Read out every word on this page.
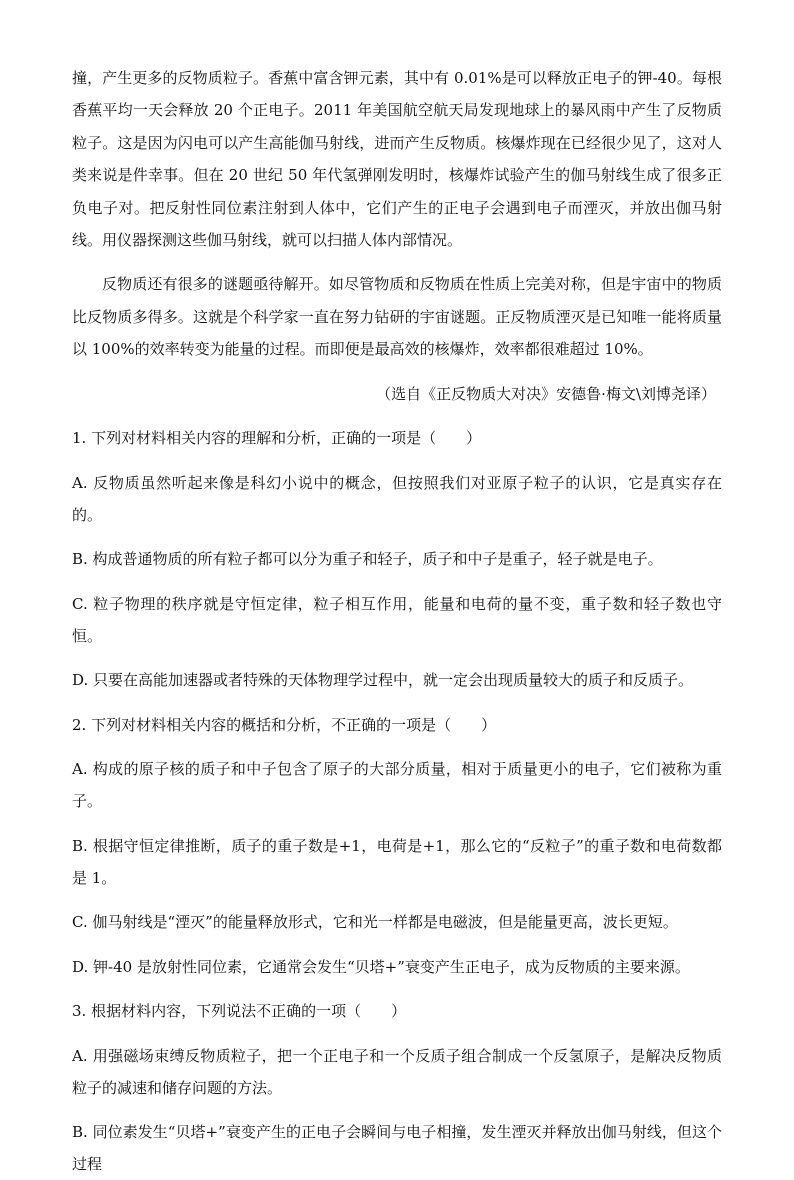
撞，产生更多的反物质粒子。香蕉中富含钾元素，其中有 0.01%是可以释放正电子的钾-40。每根香蕉平均一天会释放 20 个正电子。2011 年美国航空航天局发现地球上的暴风雨中产生了反物质粒子。这是因为闪电可以产生高能伽马射线，进而产生反物质。核爆炸现在已经很少见了，这对人类来说是件幸事。但在 20 世纪 50 年代氢弹刚发明时，核爆炸试验产生的伽马射线生成了很多正负电子对。把反射性同位素注射到人体中，它们产生的正电子会遇到电子而湮灭，并放出伽马射线。用仪器探测这些伽马射线，就可以扫描人体内部情况。

反物质还有很多的谜题亟待解开。如尽管物质和反物质在性质上完美对称，但是宇宙中的物质比反物质多得多。这就是个科学家一直在努力钻研的宇宙谜题。正反物质湮灭是已知唯一能将质量以 100%的效率转变为能量的过程。而即便是最高效的核爆炸，效率都很难超过 10%。

（选自《正反物质大对决》安德鲁·梅文\刘博尧译）

1. 下列对材料相关内容的理解和分析，正确的一项是（　　）

A. 反物质虽然听起来像是科幻小说中的概念，但按照我们对亚原子粒子的认识，它是真实存在的。

B. 构成普通物质的所有粒子都可以分为重子和轻子，质子和中子是重子，轻子就是电子。

C. 粒子物理的秩序就是守恒定律，粒子相互作用，能量和电荷的量不变，重子数和轻子数也守恒。

D. 只要在高能加速器或者特殊的天体物理学过程中，就一定会出现质量较大的质子和反质子。

2. 下列对材料相关内容的概括和分析，不正确的一项是（　　）

A. 构成的原子核的质子和中子包含了原子的大部分质量，相对于质量更小的电子，它们被称为重子。

B. 根据守恒定律推断，质子的重子数是+1，电荷是+1，那么它的“反粒子”的重子数和电荷数都是 1。

C. 伽马射线是“湮灭”的能量释放形式，它和光一样都是电磁波，但是能量更高，波长更短。

D. 钾-40 是放射性同位素，它通常会发生“贝塔+”衰变产生正电子，成为反物质的主要来源。

3. 根据材料内容，下列说法不正确的一项（　　）

A. 用强磁场束缚反物质粒子，把一个正电子和一个反质子组合制成一个反氢原子，是解决反物质粒子的减速和储存问题的方法。

B. 同位素发生“贝塔+”衰变产生的正电子会瞬间与电子相撞，发生湮灭并释放出伽马射线，但这个过程
